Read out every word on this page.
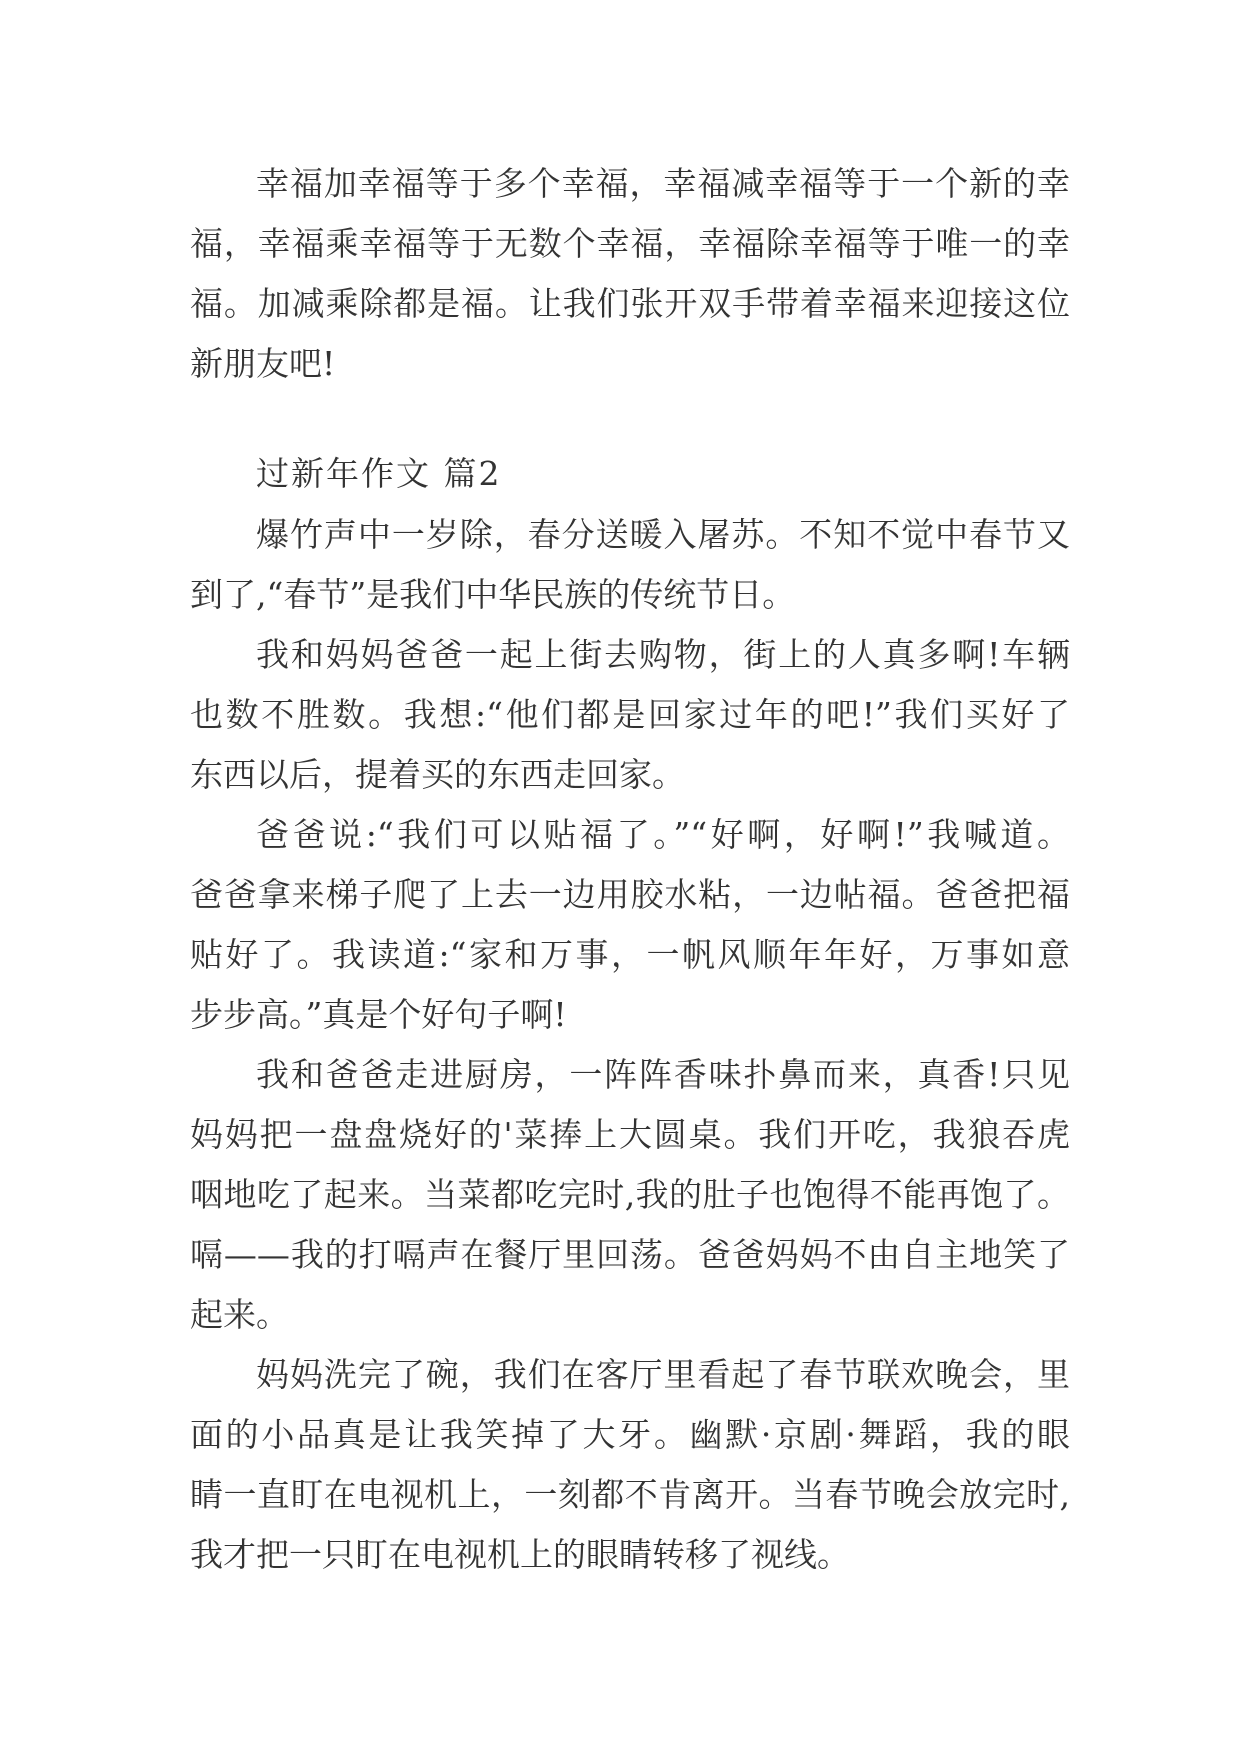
幸福加幸福等于多个幸福，幸福减幸福等于一个新的幸
福，幸福乘幸福等于无数个幸福，幸福除幸福等于唯一的幸
福。加减乘除都是福。让我们张开双手带着幸福来迎接这位
新朋友吧!
过新年作文 篇2
爆竹声中一岁除，春分送暖入屠苏。不知不觉中春节又
到了,“春节”是我们中华民族的传统节日。
我和妈妈爸爸一起上街去购物，街上的人真多啊!车辆
也数不胜数。我想:“他们都是回家过年的吧!”我们买好了
东西以后，提着买的东西走回家。
爸爸说:“我们可以贴福了。”“好啊，好啊!”我喊道。
爸爸拿来梯子爬了上去一边用胶水粘，一边帖福。爸爸把福
贴好了。我读道:“家和万事，一帆风顺年年好，万事如意
步步高。”真是个好句子啊!
我和爸爸走进厨房，一阵阵香味扑鼻而来，真香!只见
妈妈把一盘盘烧好的'菜捧上大圆桌。我们开吃，我狼吞虎
咽地吃了起来。当菜都吃完时,我的肚子也饱得不能再饱了。
嗝——我的打嗝声在餐厅里回荡。爸爸妈妈不由自主地笑了
起来。
妈妈洗完了碗，我们在客厅里看起了春节联欢晚会，里
面的小品真是让我笑掉了大牙。幽默·京剧·舞蹈，我的眼
睛一直盯在电视机上，一刻都不肯离开。当春节晚会放完时,
我才把一只盯在电视机上的眼睛转移了视线。
